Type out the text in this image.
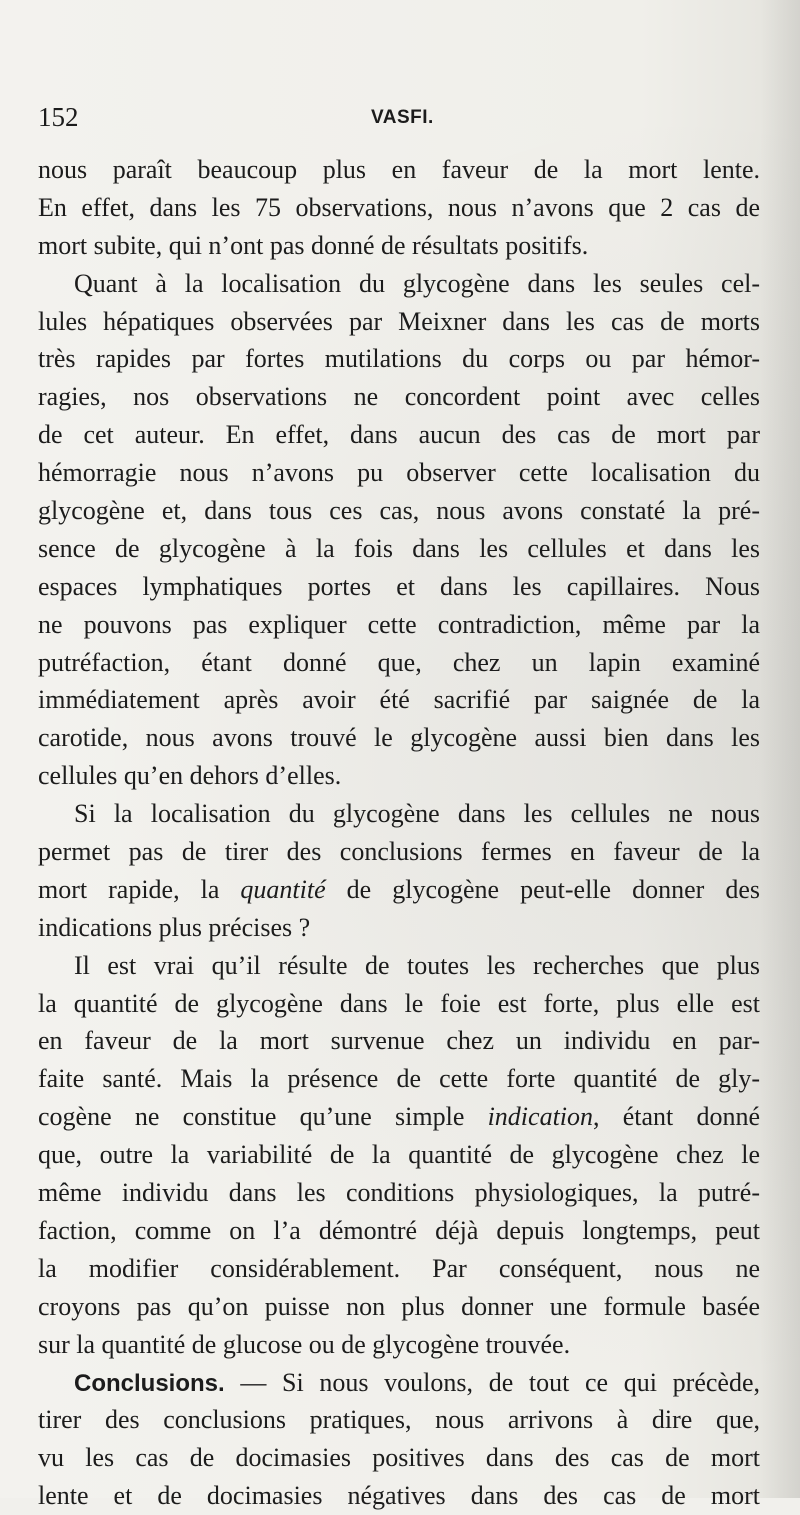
152	VASFI.
nous paraît beaucoup plus en faveur de la mort lente.
En effet, dans les 75 observations, nous n’avons que 2 cas de
mort subite, qui n’ont pas donné de résultats positifs.
Quant à la localisation du glycogène dans les seules cel-
lules hépatiques observées par Meixner dans les cas de morts
très rapides par fortes mutilations du corps ou par hémor-
ragies, nos observations ne concordent point avec celles
de cet auteur. En effet, dans aucun des cas de mort par
hémorragie nous n’avons pu observer cette localisation du
glycogène et, dans tous ces cas, nous avons constaté la pré-
sence de glycogène à la fois dans les cellules et dans les
espaces lymphatiques portes et dans les capillaires. Nous
ne pouvons pas expliquer cette contradiction, même par la
putréfaction, étant donné que, chez un lapin examiné
immédiatement après avoir été sacrifié par saignée de la
carotide, nous avons trouvé le glycogène aussi bien dans les
cellules qu’en dehors d’elles.
Si la localisation du glycogène dans les cellules ne nous
permet pas de tirer des conclusions fermes en faveur de la
mort rapide, la quantité de glycogène peut-elle donner des
indications plus précises ?
Il est vrai qu’il résulte de toutes les recherches que plus
la quantité de glycogène dans le foie est forte, plus elle est
en faveur de la mort survenue chez un individu en par-
faite santé. Mais la présence de cette forte quantité de gly-
cogène ne constitue qu’une simple indication, étant donné
que, outre la variabilité de la quantité de glycogène chez le
même individu dans les conditions physiologiques, la putré-
faction, comme on l’a démontré déjà depuis longtemps, peut
la modifier considérablement. Par conséquent, nous ne
croyons pas qu’on puisse non plus donner une formule basée
sur la quantité de glucose ou de glycogène trouvée.
Conclusions. — Si nous voulons, de tout ce qui précède,
tirer des conclusions pratiques, nous arrivons à dire que,
vu les cas de docimasies positives dans des cas de mort
lente et de docimasies négatives dans des cas de mort
